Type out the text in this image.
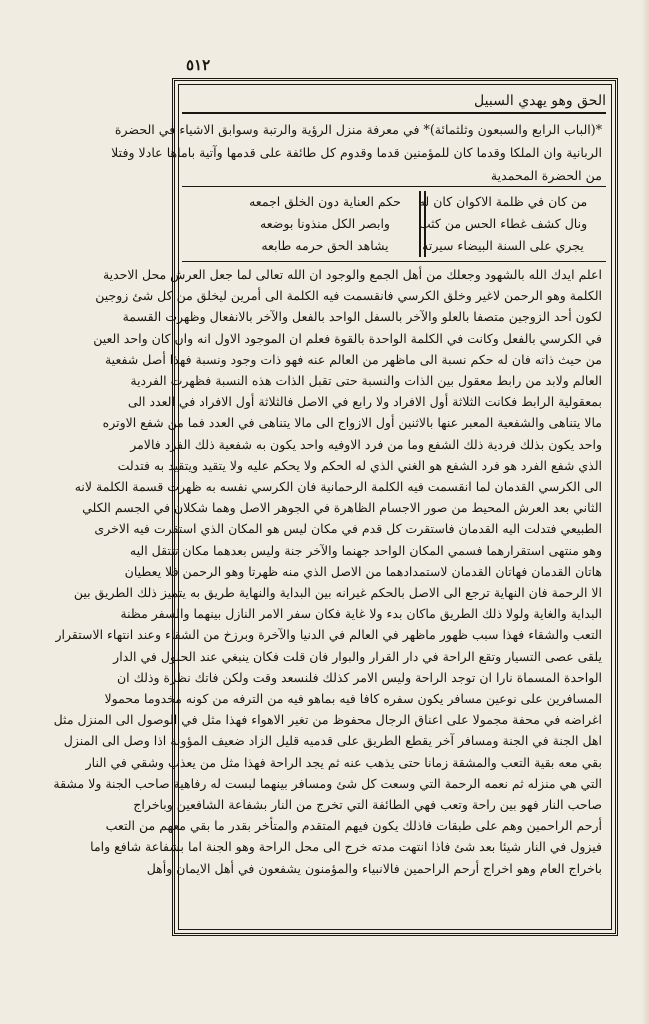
٥١٢
الحق وهو يهدي السبيل
*(الباب الرابع والسبعون وثلثمائة)* في معرفة منزل الرؤية والرتبة وسوابق الاشياء في الحضرة
الربانية وان الملكا وقدما كان للمؤمنين قدما وقدوم كل طائفة على قدمها وآتية باماها عادلا وفتلا
من الحضرة المحمدية
من كان في ظلمة الاكوان كان له
ونال كشف غطاء الحس من كثب
يجري على السنة البيضاء سيرته
حكم العناية دون الخلق اجمعه
وابصر الكل منذونا بوضعه
يشاهد الحق حرمه طابعه
اعلم ايدك الله بالشهود وجعلك من أهل الجمع والوجود ان الله تعالى لما جعل العرش محل الاحدية
الكلمة وهو الرحمن لاغير وخلق الكرسي فانقسمت فيه الكلمة الى أمرين ليخلق من كل شئ زوجين
لكون أحد الزوجين متصفا بالعلو والآخر بالسفل الواحد بالفعل والآخر بالانفعال وظهرت القسمة
في الكرسي بالفعل وكانت في الكلمة الواحدة بالقوة فعلم ان الموجود الاول انه وان كان واحد العين
من حيث ذاته فان له حكم نسبة الى ماظهر من العالم عنه فهو ذات وجود ونسبة فهذا أصل شفعية
العالم ولابد من رابط معقول بين الذات والنسبة حتى تقبل الذات هذه النسبة فظهرت الفردية
بمعقولية الرابط فكانت الثلاثة أول الافراد ولا رابع في الاصل فالثلاثة أول الافراد في العدد الى
مالا يتناهى والشفعية المعبر عنها بالاثنين أول الازواج الى مالا يتناهى في العدد فما من شفع الاوتره
واحد يكون بذلك فردية ذلك الشفع وما من فرد الاوفيه واحد يكون به شفعية ذلك الفرد فالامر
الذي شفع الفرد هو فرد الشفع هو الغني الذي له الحكم ولا يحكم عليه ولا يتقيد ويتقيد به فتدلت
الى الكرسي القدمان لما انقسمت فيه الكلمة الرحمانية فان الكرسي نفسه به ظهرت قسمة الكلمة لانه
الثاني بعد العرش المحيط من صور الاجسام الظاهرة في الجوهر الاصل وهما شكلان في الجسم الكلي
الطبيعي فتدلت اليه القدمان فاستقرت كل قدم في مكان ليس هو المكان الذي استقرت فيه الاخرى
وهو منتهى استقرارهما فسمي المكان الواحد جهنما والآخر جنة وليس بعدهما مكان تنتقل اليه
هاتان القدمان فهاتان القدمان لاستمدادهما من الاصل الذي منه ظهرتا وهو الرحمن فلا يعطيان
الا الرحمة فان النهاية ترجع الى الاصل بالحكم غيرانه بين البداية والنهاية طريق به يتميز ذلك الطريق بين
البداية والغاية ولولا ذلك الطريق ماكان بدء ولا غاية فكان سفر الامر النازل بينهما والسفر مظنة
التعب والشقاء فهذا سبب ظهور ماظهر في العالم في الدنيا والآخرة وبرزخ من الشقاء وعند انتهاء الاستقرار
يلقى عصى التسيار وتقع الراحة في دار القرار والبوار فان قلت فكان ينبغي عند الحلول في الدار
الواحدة المسماة نارا ان توجد الراحة وليس الامر كذلك فلنسعد وقت ولكن فاتك نظرة وذلك ان
المسافرين على نوعين مسافر يكون سفره كافا فيه بماهو فيه من الترفه من كونه مخدوما محمولا
اغراضه في محفة مجمولا على اعناق الرجال محفوظ من تغير الاهواء فهذا مثل في الوصول الى المنزل مثل
اهل الجنة في الجنة ومسافر آخر يقطع الطريق على قدميه قليل الزاد ضعيف المؤونة اذا وصل الى المنزل
بقي معه بقية التعب والمشقة زمانا حتى يذهب عنه ثم يجد الراحة فهذا مثل من يعذب وشقي في النار
التي هي منزله ثم نعمه الرحمة التي وسعت كل شئ ومسافر بينهما لبست له رفاهية صاحب الجنة ولا مشقة
صاحب النار فهو بين راحة وتعب فهي الطائفة التي تخرج من النار بشفاعة الشافعين وباخراج
أرحم الراحمين وهم على طبقات فاذلك يكون فيهم المتقدم والمتأخر بقدر ما بقي معهم من التعب
فيزول في النار شيئا بعد شئ فاذا انتهت مدته خرج الى محل الراحة وهو الجنة اما بشفاعة شافع واما
باخراج العام وهو اخراج أرحم الراحمين فالانبياء والمؤمنون يشفعون في أهل الايمان وأهل
